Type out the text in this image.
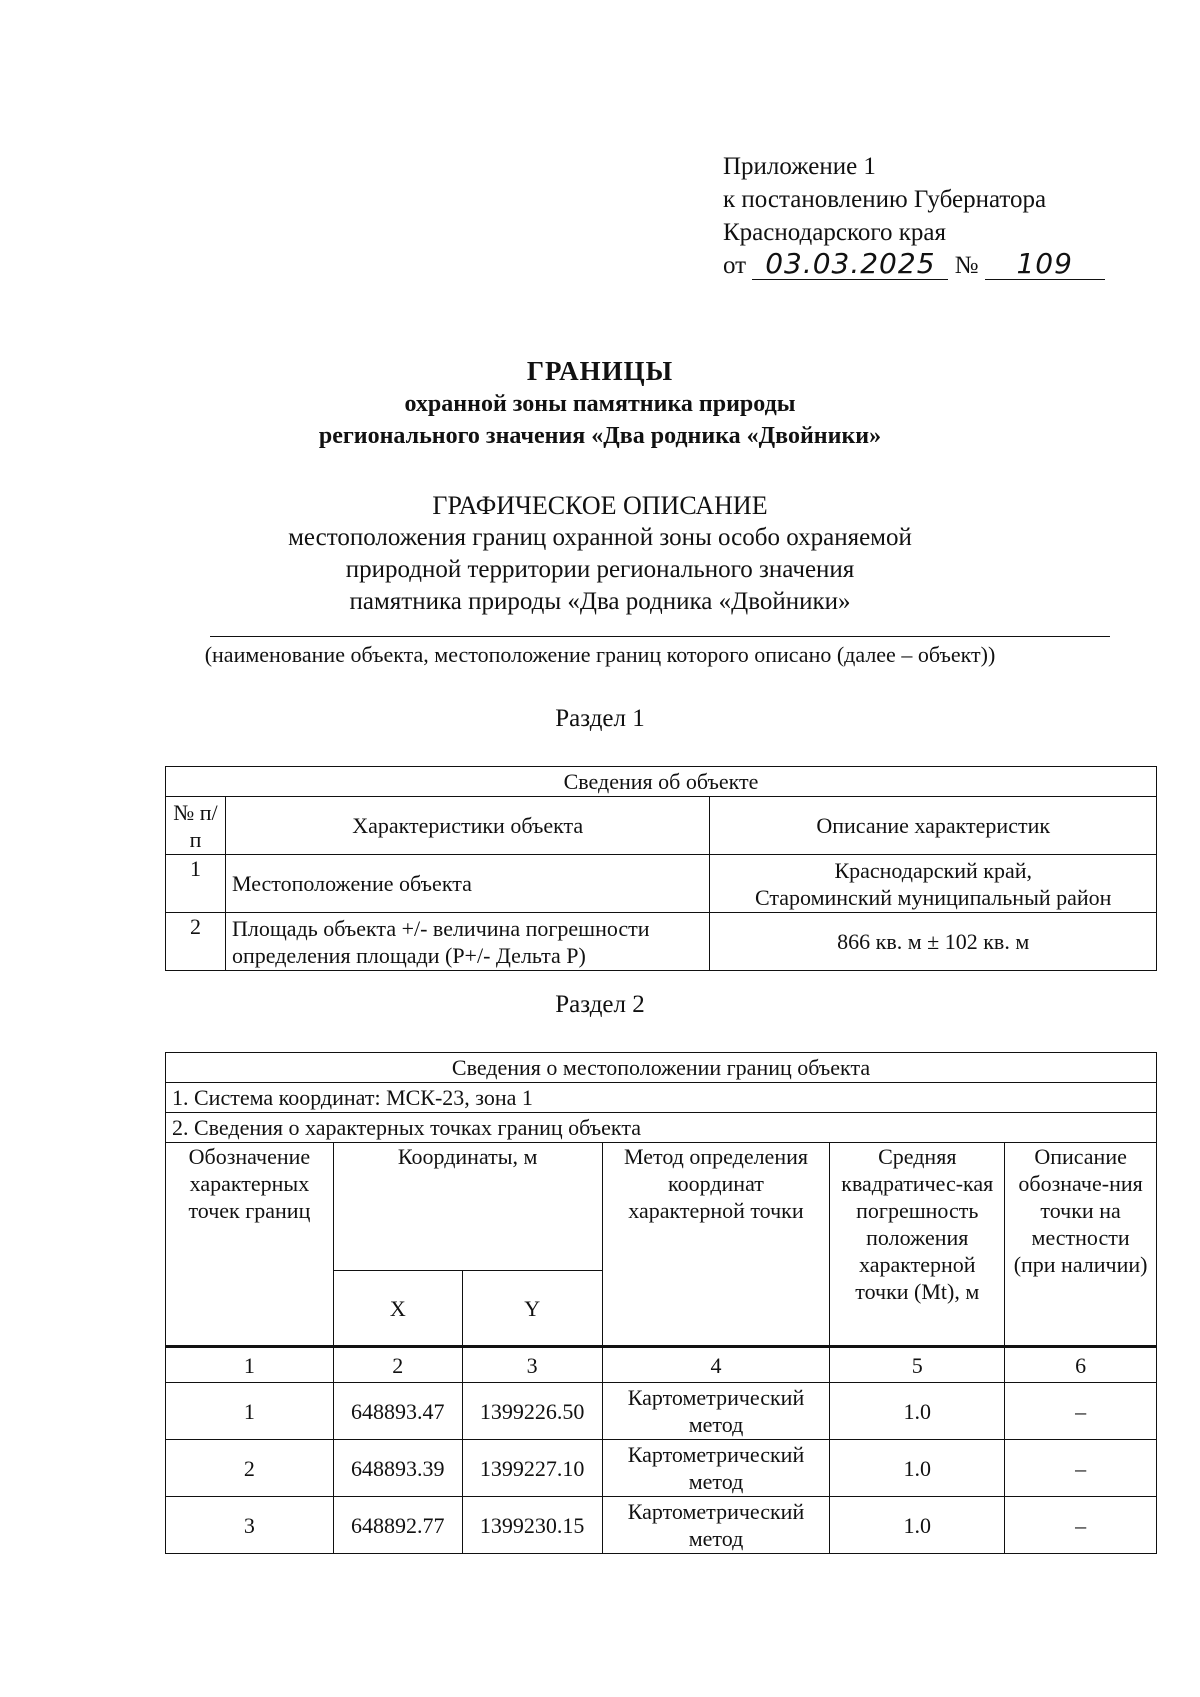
Приложение 1
к постановлению Губернатора
Краснодарского края
от 03.03.2025 № 109
ГРАНИЦЫ
охранной зоны памятника природы
регионального значения «Два родника «Двойники»
ГРАФИЧЕСКОЕ ОПИСАНИЕ
местоположения границ охранной зоны особо охраняемой
природной территории регионального значения
памятника природы «Два родника «Двойники»
(наименование объекта, местоположение границ которого описано (далее – объект))
Раздел 1
Сведения об объекте		
№ п/п	Характеристики объекта	Описание характеристик
1	Местоположение объекта	Краснодарский край,
Староминский муниципальный район

2	Площадь объекта +/- величина погрешности
определения площади (P+/- Дельта P)	866 кв. м ± 102 кв. м
Раздел 2
Сведения о местоположении границ объекта					
1. Система координат: МСК-23, зона 1					
2. Сведения о характерных точках границ объекта					
Обозначение характерных точек границ	Координаты, м		Метод определения координат характерной точки	Средняя квадратичес-кая погрешность положения характерной точки (Mt), м	Описание обозначе-ния точки на местности (при наличии)
	X	Y			
1	2	3	4	5	6
1	648893.47	1399226.50	Картометрический
метод	1.0	–
2	648893.39	1399227.10	Картометрический
метод	1.0	–
3	648892.77	1399230.15	Картометрический
метод	1.0	–
